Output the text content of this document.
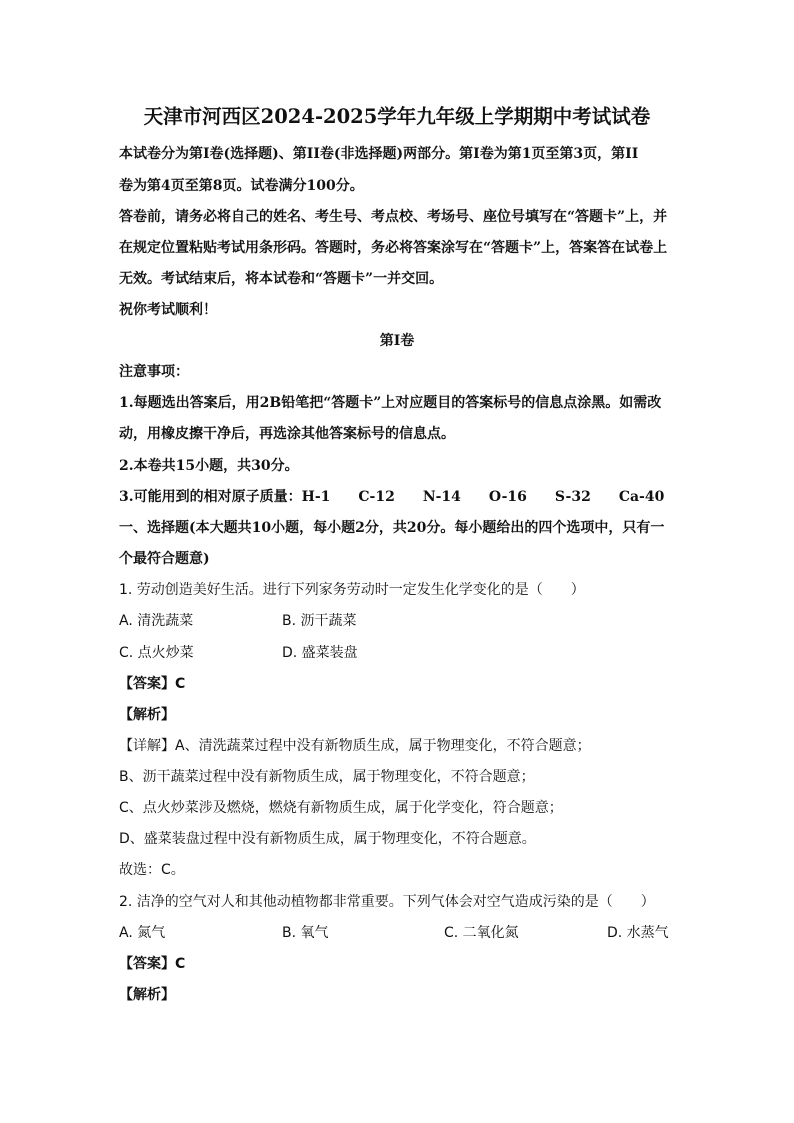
天津市河西区2024-2025学年九年级上学期期中考试试卷
本试卷分为第I卷(选择题)、第II卷(非选择题)两部分。第I卷为第1页至第3页，第II
卷为第4页至第8页。试卷满分100分。
答卷前，请务必将自己的姓名、考生号、考点校、考场号、座位号填写在“答题卡”上，并
在规定位置粘贴考试用条形码。答题时，务必将答案涂写在“答题卡”上，答案答在试卷上
无效。考试结束后，将本试卷和“答题卡”一并交回。
祝你考试顺利！
第I卷
注意事项：
1.每题选出答案后，用2B铅笔把“答题卡”上对应题目的答案标号的信息点涂黑。如需改
动，用橡皮擦干净后，再选涂其他答案标号的信息点。
2.本卷共15小题，共30分。
3.可能用到的相对原子质量：H-1　　C-12　　N-14　　O-16　　S-32　　Ca-40
一、选择题(本大题共10小题，每小题2分，共20分。每小题给出的四个选项中，只有一
个最符合题意)
1. 劳动创造美好生活。进行下列家务劳动时一定发生化学变化的是（　　）
A. 清洗蔬菜	B. 沥干蔬菜
C. 点火炒菜	D. 盛菜装盘
【答案】C
【解析】
【详解】A、清洗蔬菜过程中没有新物质生成，属于物理变化，不符合题意；
B、沥干蔬菜过程中没有新物质生成，属于物理变化，不符合题意；
C、点火炒菜涉及燃烧，燃烧有新物质生成，属于化学变化，符合题意；
D、盛菜装盘过程中没有新物质生成，属于物理变化，不符合题意。
故选：C。
2. 洁净的空气对人和其他动植物都非常重要。下列气体会对空气造成污染的是（　　）
A. 氮气	B. 氧气	C. 二氧化氮	D. 水蒸气
【答案】C
【解析】
